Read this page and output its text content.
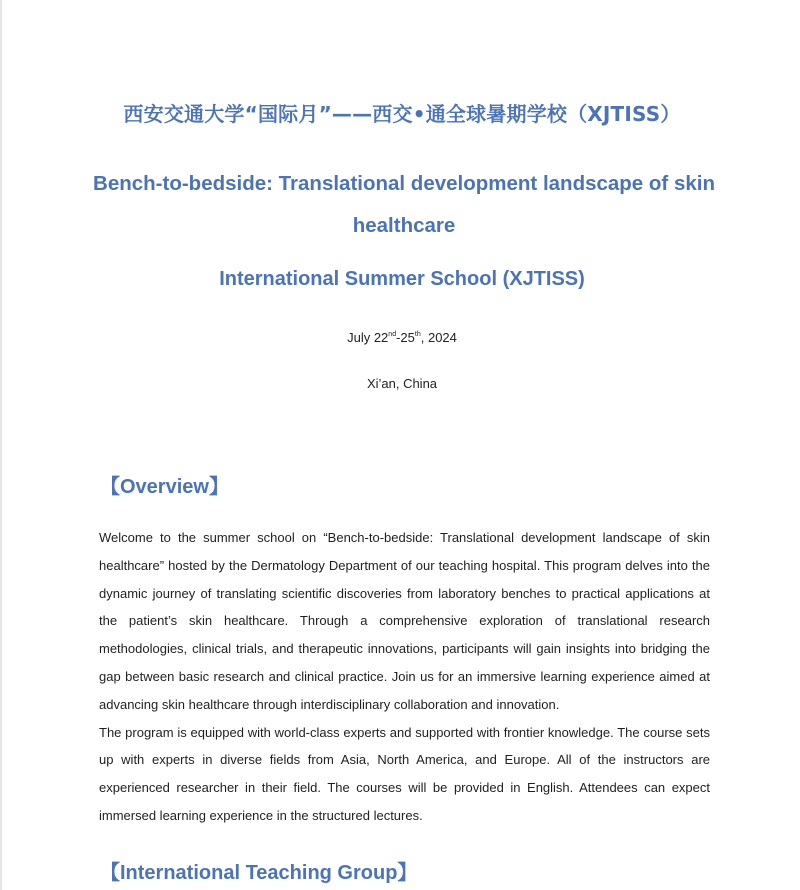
西安交通大学“国际月”——西交•通全球暑期学校（XJTISS）
Bench-to-bedside: Translational development landscape of skin healthcare
International Summer School (XJTISS)
July 22nd-25th, 2024
Xi’an, China
【Overview】

Welcome to the summer school on “Bench-to-bedside: Translational development landscape of skin healthcare” hosted by the Dermatology Department of our teaching hospital. This program delves into the dynamic journey of translating scientific discoveries from laboratory benches to practical applications at the patient’s skin healthcare. Through a comprehensive exploration of translational research methodologies, clinical trials, and therapeutic innovations, participants will gain insights into bridging the gap between basic research and clinical practice. Join us for an immersive learning experience aimed at advancing skin healthcare through interdisciplinary collaboration and innovation.

The program is equipped with world-class experts and supported with frontier knowledge. The course sets up with experts in diverse fields from Asia, North America, and Europe. All of the instructors are experienced researcher in their field. The courses will be provided in English. Attendees can expect immersed learning experience in the structured lectures.

【International Teaching Group】
